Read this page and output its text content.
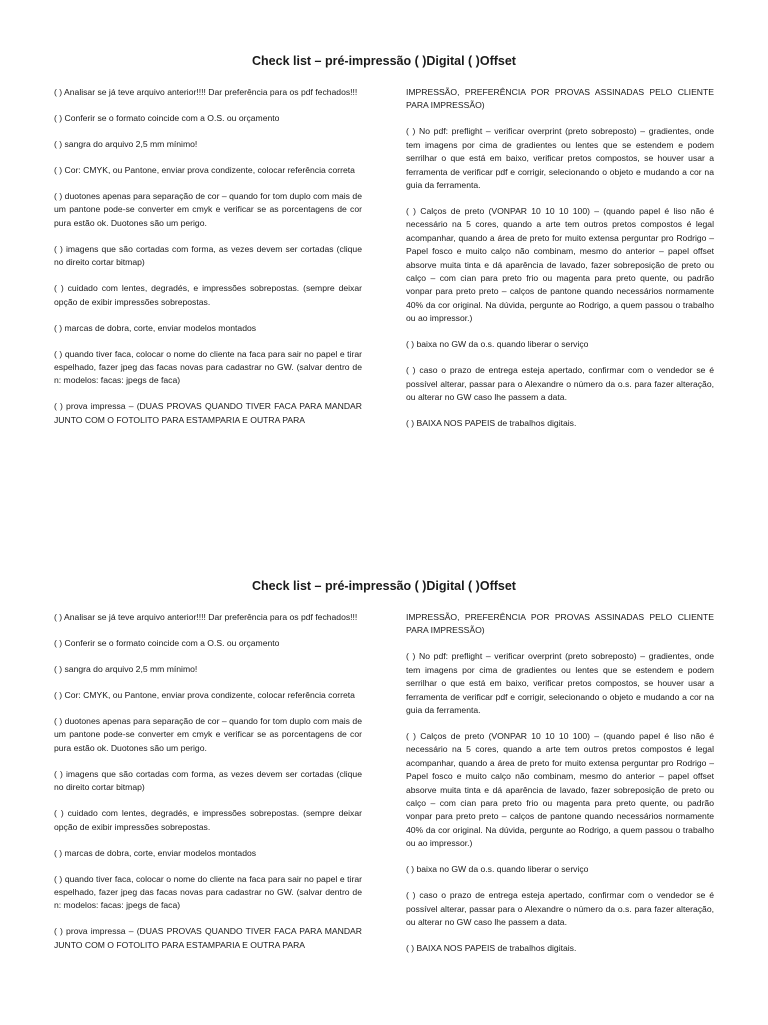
Check list – pré-impressão ( )Digital ( )Offset

( ) Analisar se já teve arquivo anterior!!!! Dar preferência para os pdf fechados!!!

( ) Conferir se o formato coincide com a O.S. ou orçamento

( ) sangra do arquivo 2,5 mm mínimo!

( ) Cor: CMYK, ou Pantone, enviar prova condizente, colocar referência correta

( ) duotones apenas para separação de cor – quando for tom duplo com mais de um pantone pode-se converter em cmyk e verificar se as porcentagens de cor pura estão ok. Duotones são um perigo.

( ) imagens que são cortadas com forma, as vezes devem ser cortadas (clique no direito cortar bitmap)

( ) cuidado com lentes, degradés, e impressões sobrepostas. (sempre deixar opção de exibir impressões sobrepostas.

( ) marcas de dobra, corte, enviar modelos montados

( ) quando tiver faca, colocar o nome do cliente na faca para sair no papel e tirar espelhado, fazer jpeg das facas novas para cadastrar no GW. (salvar dentro de n: modelos: facas: jpegs de faca)

( ) prova impressa – (DUAS PROVAS QUANDO TIVER FACA PARA MANDAR JUNTO COM O FOTOLITO PARA ESTAMPARIA E OUTRA PARA

IMPRESSÃO, PREFERÊNCIA POR PROVAS ASSINADAS PELO CLIENTE PARA IMPRESSÃO)

( ) No pdf: preflight – verificar overprint (preto sobreposto) – gradientes, onde tem imagens por cima de gradientes ou lentes que se estendem e podem serrilhar o que está em baixo, verificar pretos compostos, se houver usar a ferramenta de verificar pdf e corrigir, selecionando o objeto e mudando a cor na guia da ferramenta.

( ) Calços de preto (VONPAR 10 10 10 100) – (quando papel é liso não é necessário na 5 cores, quando a arte tem outros pretos compostos é legal acompanhar, quando a área de preto for muito extensa perguntar pro Rodrigo – Papel fosco e muito calço não combinam, mesmo do anterior – papel offset absorve muita tinta e dá aparência de lavado, fazer sobreposição de preto ou calço – com cian para preto frio ou magenta para preto quente, ou padrão vonpar para preto preto – calços de pantone quando necessários normamente 40% da cor original. Na dúvida, pergunte ao Rodrigo, a quem passou o trabalho ou ao impressor.)

( ) baixa no GW da o.s. quando liberar o serviço

( ) caso o prazo de entrega esteja apertado, confirmar com o vendedor se é possível alterar, passar para o Alexandre o número da o.s. para fazer alteração, ou alterar no GW caso lhe passem a data.

( ) BAIXA NOS PAPEIS de trabalhos digitais.

Check list – pré-impressão ( )Digital ( )Offset

( ) Analisar se já teve arquivo anterior!!!! Dar preferência para os pdf fechados!!!

( ) Conferir se o formato coincide com a O.S. ou orçamento

( ) sangra do arquivo 2,5 mm mínimo!

( ) Cor: CMYK, ou Pantone, enviar prova condizente, colocar referência correta

( ) duotones apenas para separação de cor – quando for tom duplo com mais de um pantone pode-se converter em cmyk e verificar se as porcentagens de cor pura estão ok. Duotones são um perigo.

( ) imagens que são cortadas com forma, as vezes devem ser cortadas (clique no direito cortar bitmap)

( ) cuidado com lentes, degradés, e impressões sobrepostas. (sempre deixar opção de exibir impressões sobrepostas.

( ) marcas de dobra, corte, enviar modelos montados

( ) quando tiver faca, colocar o nome do cliente na faca para sair no papel e tirar espelhado, fazer jpeg das facas novas para cadastrar no GW. (salvar dentro de n: modelos: facas: jpegs de faca)

( ) prova impressa – (DUAS PROVAS QUANDO TIVER FACA PARA MANDAR JUNTO COM O FOTOLITO PARA ESTAMPARIA E OUTRA PARA

IMPRESSÃO, PREFERÊNCIA POR PROVAS ASSINADAS PELO CLIENTE PARA IMPRESSÃO)

( ) No pdf: preflight – verificar overprint (preto sobreposto) – gradientes, onde tem imagens por cima de gradientes ou lentes que se estendem e podem serrilhar o que está em baixo, verificar pretos compostos, se houver usar a ferramenta de verificar pdf e corrigir, selecionando o objeto e mudando a cor na guia da ferramenta.

( ) Calços de preto (VONPAR 10 10 10 100) – (quando papel é liso não é necessário na 5 cores, quando a arte tem outros pretos compostos é legal acompanhar, quando a área de preto for muito extensa perguntar pro Rodrigo – Papel fosco e muito calço não combinam, mesmo do anterior – papel offset absorve muita tinta e dá aparência de lavado, fazer sobreposição de preto ou calço – com cian para preto frio ou magenta para preto quente, ou padrão vonpar para preto preto – calços de pantone quando necessários normamente 40% da cor original. Na dúvida, pergunte ao Rodrigo, a quem passou o trabalho ou ao impressor.)

( ) baixa no GW da o.s. quando liberar o serviço

( ) caso o prazo de entrega esteja apertado, confirmar com o vendedor se é possível alterar, passar para o Alexandre o número da o.s. para fazer alteração, ou alterar no GW caso lhe passem a data.

( ) BAIXA NOS PAPEIS de trabalhos digitais.
